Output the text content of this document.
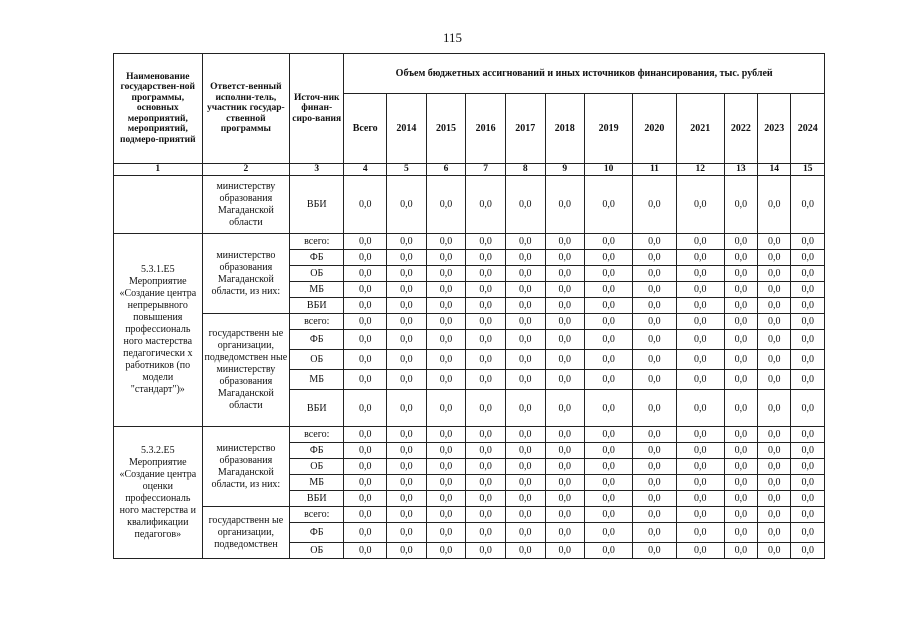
115
Наименование государствен-ной программы, основных мероприятий, мероприятий, подмеро-приятий	Ответст-венный исполни-тель, участник государ-ственной программы	Источ-ник финан-сиро-вания	Объем бюджетных ассигнований и иных источников финансирования, тыс. рублей											
			Всего	2014	2015	2016	2017	2018	2019	2020	2021	2022	2023	2024
1	2	3	4	5	6	7	8	9	10	11	12	13	14	15
	министерству образования Магаданской области	ВБИ	0,0	0,0	0,0	0,0	0,0	0,0	0,0	0,0	0,0	0,0	0,0	0,0
5.3.1.Е5 Мероприятие «Создание центра непрерывного повышения профессиональ ного мастерства педагогически х работников (по модели "стандарт")»	министерство образования Магаданской области, из них:	всего:	0,0	0,0	0,0	0,0	0,0	0,0	0,0	0,0	0,0	0,0	0,0	0,0
		ФБ	0,0	0,0	0,0	0,0	0,0	0,0	0,0	0,0	0,0	0,0	0,0	0,0
		ОБ	0,0	0,0	0,0	0,0	0,0	0,0	0,0	0,0	0,0	0,0	0,0	0,0
		МБ	0,0	0,0	0,0	0,0	0,0	0,0	0,0	0,0	0,0	0,0	0,0	0,0
		ВБИ	0,0	0,0	0,0	0,0	0,0	0,0	0,0	0,0	0,0	0,0	0,0	0,0
	государственн ые организации, подведомствен ные министерству образования Магаданской области	всего:	0,0	0,0	0,0	0,0	0,0	0,0	0,0	0,0	0,0	0,0	0,0	0,0
		ФБ	0,0	0,0	0,0	0,0	0,0	0,0	0,0	0,0	0,0	0,0	0,0	0,0
		ОБ	0,0	0,0	0,0	0,0	0,0	0,0	0,0	0,0	0,0	0,0	0,0	0,0
		МБ	0,0	0,0	0,0	0,0	0,0	0,0	0,0	0,0	0,0	0,0	0,0	0,0
		ВБИ	0,0	0,0	0,0	0,0	0,0	0,0	0,0	0,0	0,0	0,0	0,0	0,0
5.3.2.Е5 Мероприятие «Создание центра оценки профессиональ ного мастерства и квалификации педагогов»	министерство образования Магаданской области, из них:	всего:	0,0	0,0	0,0	0,0	0,0	0,0	0,0	0,0	0,0	0,0	0,0	0,0
		ФБ	0,0	0,0	0,0	0,0	0,0	0,0	0,0	0,0	0,0	0,0	0,0	0,0
		ОБ	0,0	0,0	0,0	0,0	0,0	0,0	0,0	0,0	0,0	0,0	0,0	0,0
		МБ	0,0	0,0	0,0	0,0	0,0	0,0	0,0	0,0	0,0	0,0	0,0	0,0
		ВБИ	0,0	0,0	0,0	0,0	0,0	0,0	0,0	0,0	0,0	0,0	0,0	0,0
	государственн ые организации, подведомствен	всего:	0,0	0,0	0,0	0,0	0,0	0,0	0,0	0,0	0,0	0,0	0,0	0,0
		ФБ	0,0	0,0	0,0	0,0	0,0	0,0	0,0	0,0	0,0	0,0	0,0	0,0
		ОБ	0,0	0,0	0,0	0,0	0,0	0,0	0,0	0,0	0,0	0,0	0,0	0,0
